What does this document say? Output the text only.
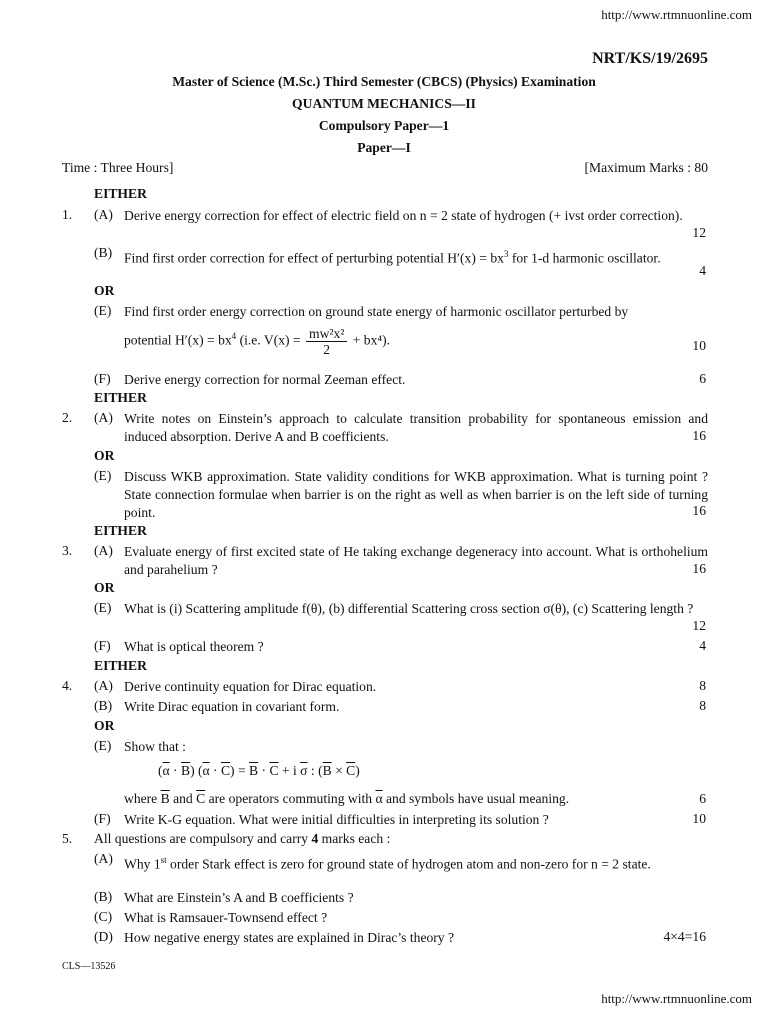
http://www.rtmnuonline.com
NRT/KS/19/2695
Master of Science (M.Sc.) Third Semester (CBCS) (Physics) Examination
QUANTUM MECHANICS—II
Compulsory Paper—1
Paper—I
Time : Three Hours]	[Maximum Marks : 80
EITHER
1. (A) Derive energy correction for effect of electric field on n = 2 state of hydrogen (+ ivst order correction).
12
(B) Find first order correction for effect of perturbing potential $H'(x) = bx^3$ for 1-d harmonic oscillator.
4
OR
(E) Find first order energy correction on ground state energy of harmonic oscillator perturbed by
potential $H'(x) = bx^4$ (i.e. $V(x) = \frac{\text{mw²x²}}{2} + bx^4$).	10
(F) Derive energy correction for normal Zeeman effect.	6
EITHER
2. (A) Write notes on Einstein’s approach to calculate transition probability for spontaneous emission and induced absorption. Derive A and B coefficients.	16
OR
(E) Discuss WKB approximation. State validity conditions for WKB approximation. What is turning point ? State connection formulae when barrier is on the right as well as when barrier is on the left side of turning point.	16
EITHER
3. (A) Evaluate energy of first excited state of He taking exchange degeneracy into account. What is orthohelium and parahelium ?	16
OR
(E) What is (i) Scattering amplitude f(θ), (b) differential Scattering cross section σ(θ), (c) Scattering length ?
12
(F) What is optical theorem ?	4
EITHER
4. (A) Derive continuity equation for Dirac equation.	8
(B) Write Dirac equation in covariant form.	8
OR
(E) Show that :
$(\overline{\alpha} \cdot \overline{B}) (\overline{\alpha} \cdot \overline{C}) = \overline{B} \cdot \overline{C} + i$ $\overline{\sigma}$ : $(\overline{B} \times \overline{C})$
where $\overline{B}$ and $\overline{C}$ are operators commuting with $\overline{\alpha}$ and symbols have usual meaning.	6
(F) Write K-G equation. What were initial difficulties in interpreting its solution ?	10
5. All questions are compulsory and carry 4 marks each :
(A) Why 1st order Stark effect is zero for ground state of hydrogen atom and non-zero for n = 2 state.
(B) What are Einstein’s A and B coefficients ?
(C) What is Ramsauer-Townsend effect ?
(D) How negative energy states are explained in Dirac’s theory ?	4×4=16
CLS—13526
http://www.rtmnuonline.com
